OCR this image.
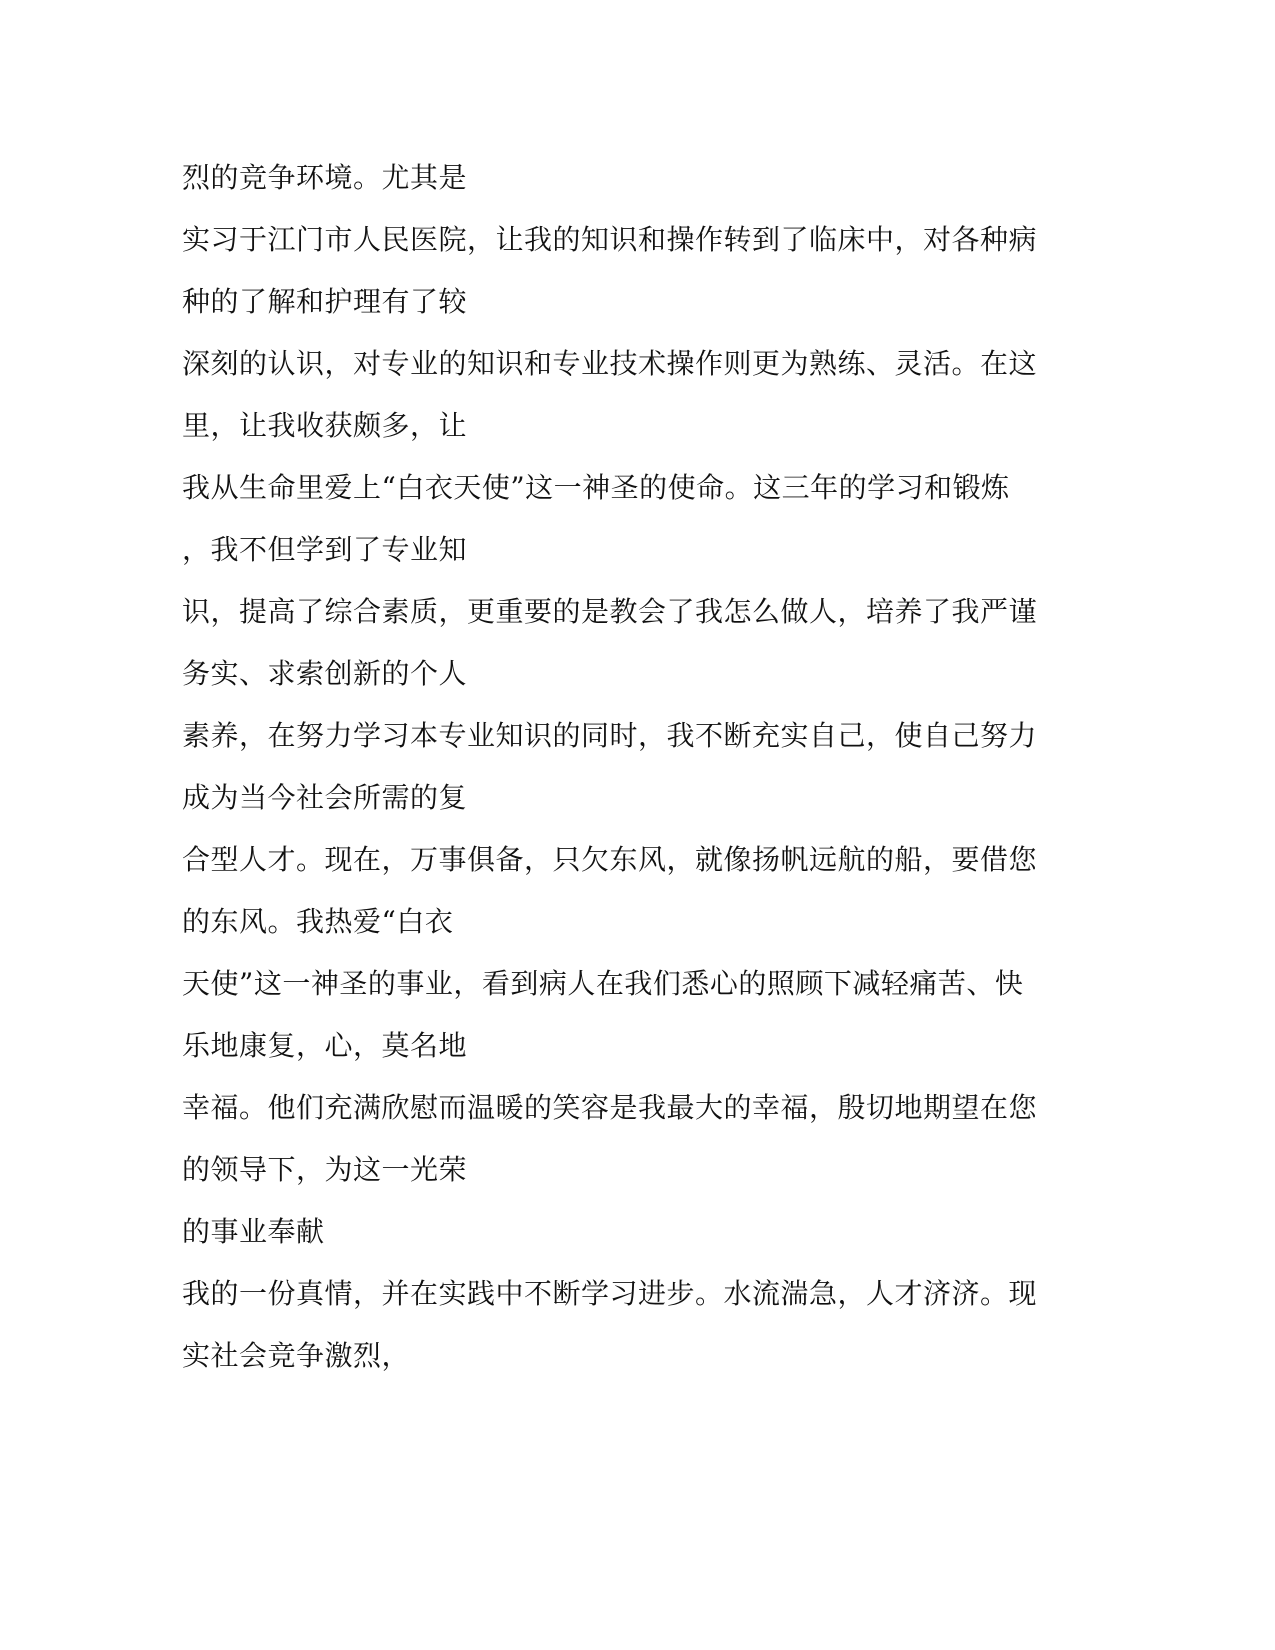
烈的竞争环境。尤其是
实习于江门市人民医院，让我的知识和操作转到了临床中，对各种病
种的了解和护理有了较
深刻的认识，对专业的知识和专业技术操作则更为熟练、灵活。在这
里，让我收获颇多，让
我从生命里爱上“白衣天使”这一神圣的使命。这三年的学习和锻炼
，我不但学到了专业知
识，提高了综合素质，更重要的是教会了我怎么做人，培养了我严谨
务实、求索创新的个人
素养，在努力学习本专业知识的同时，我不断充实自己，使自己努力
成为当今社会所需的复
合型人才。现在，万事俱备，只欠东风，就像扬帆远航的船，要借您
的东风。我热爱“白衣
天使”这一神圣的事业，看到病人在我们悉心的照顾下减轻痛苦、快
乐地康复，心，莫名地
幸福。他们充满欣慰而温暖的笑容是我最大的幸福，殷切地期望在您
的领导下，为这一光荣
的事业奉献
我的一份真情，并在实践中不断学习进步。水流湍急，人才济济。现
实社会竞争激烈，
